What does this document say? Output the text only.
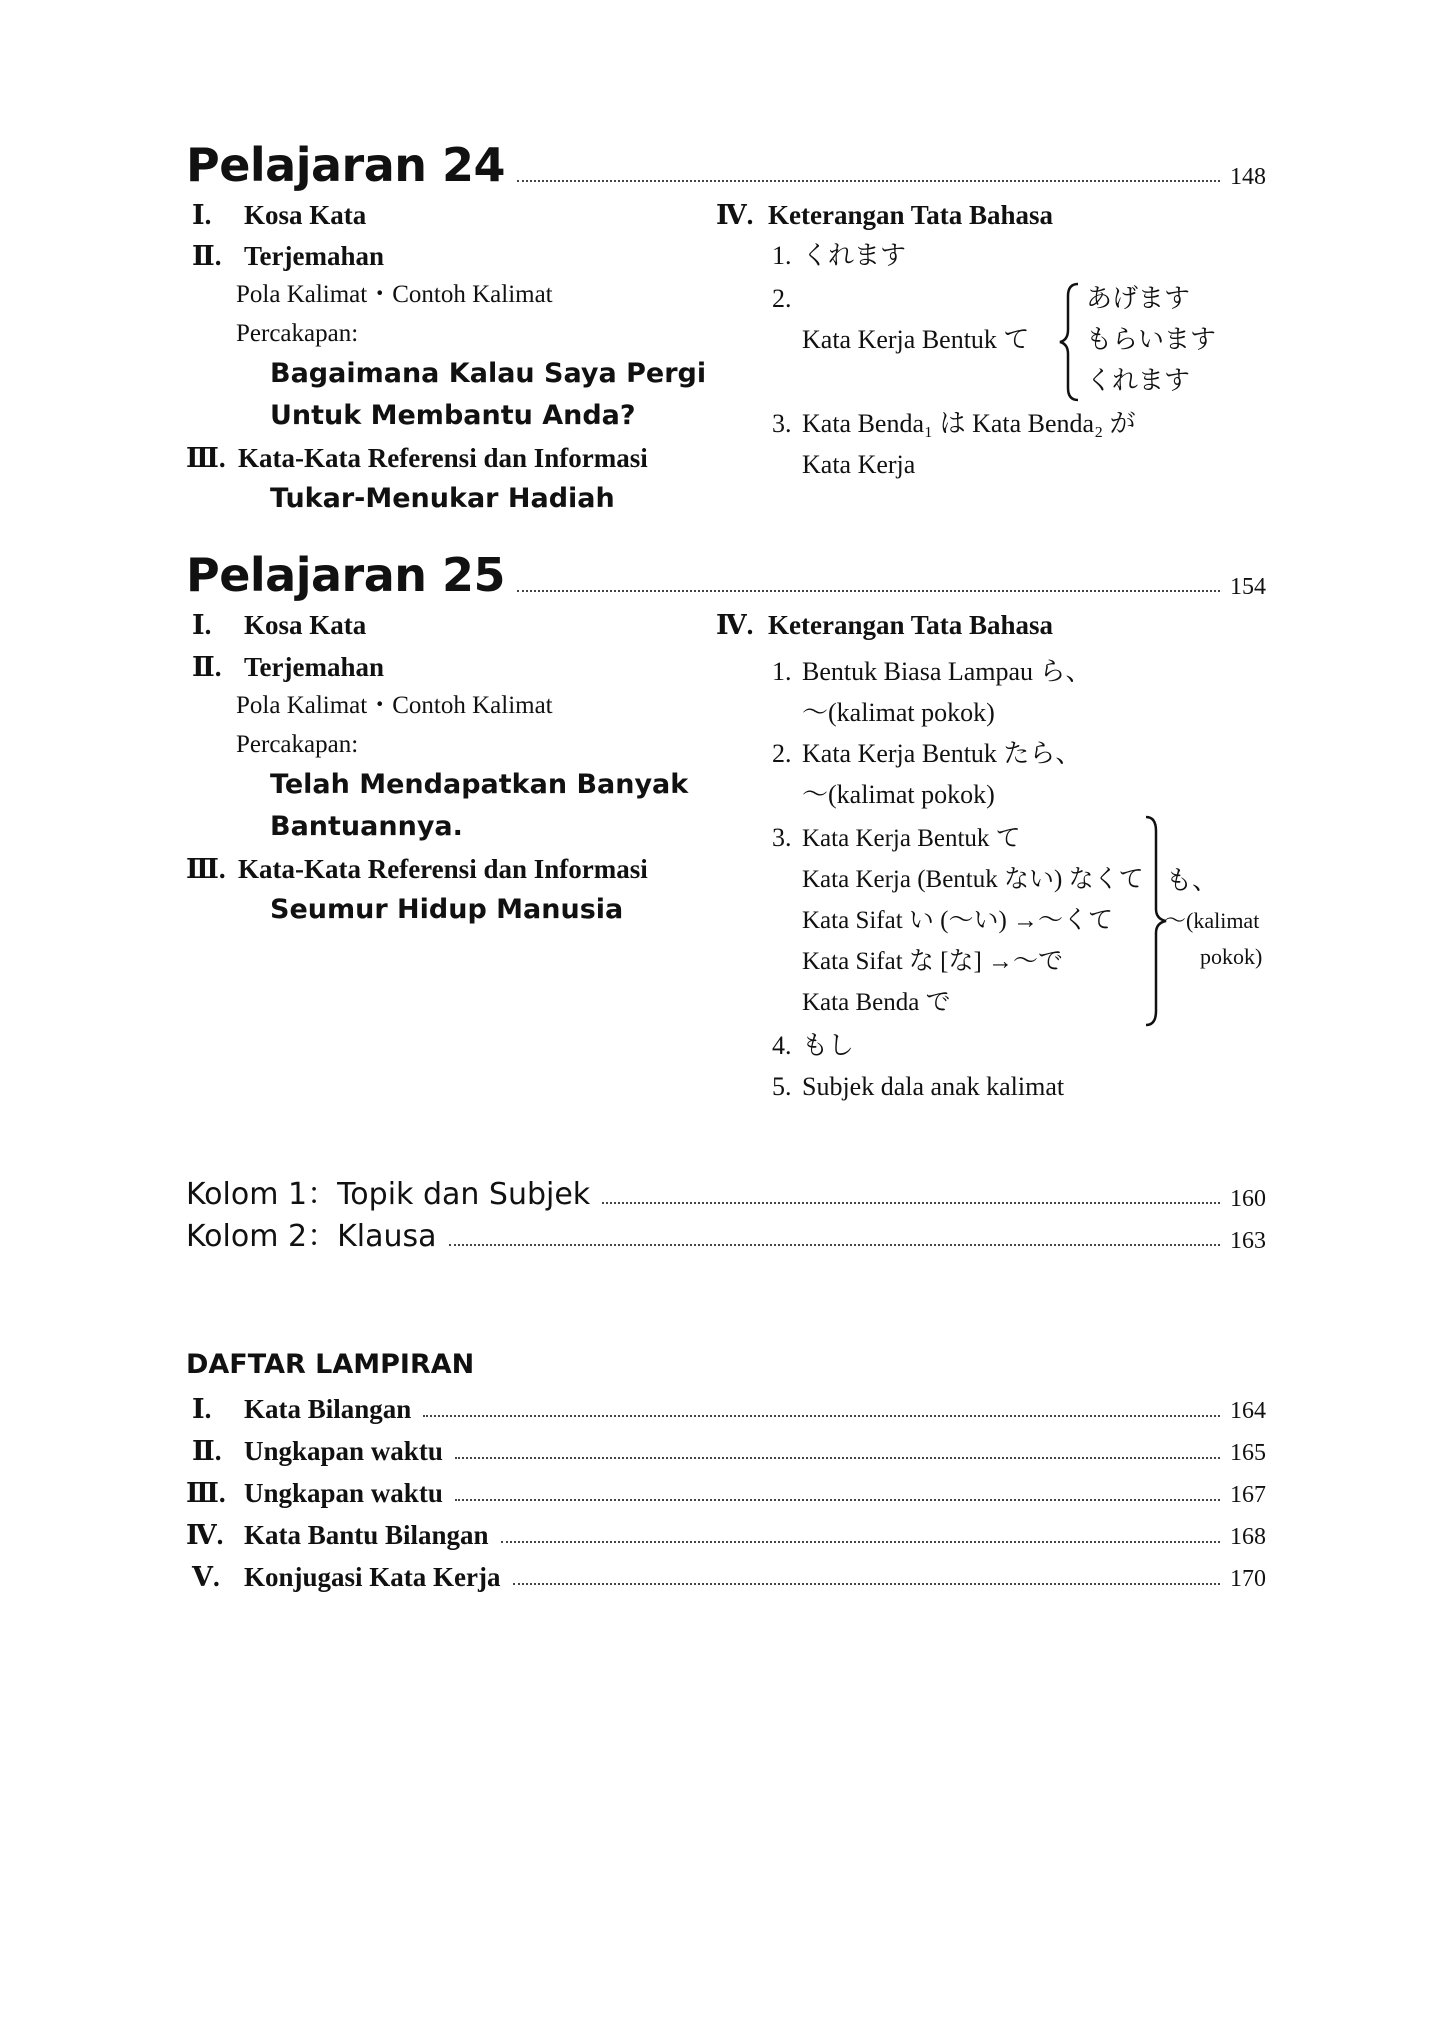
Pelajaran 24	148
Ⅰ. Kosa Kata
Ⅱ. Terjemahan
Pola Kalimat・Contoh Kalimat
Percakapan:
Bagaimana Kalau Saya Pergi
Untuk Membantu Anda?
Ⅲ. Kata-Kata Referensi dan Informasi
Tukar-Menukar Hadiah
Ⅳ. Keterangan Tata Bahasa
1. くれます
2.
Kata Kerja Bentuk て
あげます
もらいます
くれます
3. Kata Benda₁ は Kata Benda₂ が
Kata Kerja
Pelajaran 25	154
Ⅰ. Kosa Kata
Ⅱ. Terjemahan
Pola Kalimat・Contoh Kalimat
Percakapan:
Telah Mendapatkan Banyak
Bantuannya.
Ⅲ. Kata-Kata Referensi dan Informasi
Seumur Hidup Manusia
Ⅳ. Keterangan Tata Bahasa
1. Bentuk Biasa Lampau ら、
～(kalimat pokok)
2. Kata Kerja Bentuk たら、
～(kalimat pokok)
3. Kata Kerja Bentuk て
Kata Kerja (Bentuk ない) なくて
Kata Sifat い (～い) →～くて
Kata Sifat な [な] →～で
Kata Benda で
も、
～(kalimat
pokok)
4. もし
5. Subjek dala anak kalimat
Kolom 1：Topik dan Subjek	160
Kolom 2：Klausa	163
DAFTAR LAMPIRAN
Ⅰ.	Kata Bilangan	164
Ⅱ. Ungkapan waktu	165
Ⅲ. Ungkapan waktu	167
Ⅳ. Kata Bantu Bilangan	168
Ⅴ. Konjugasi Kata Kerja	170
